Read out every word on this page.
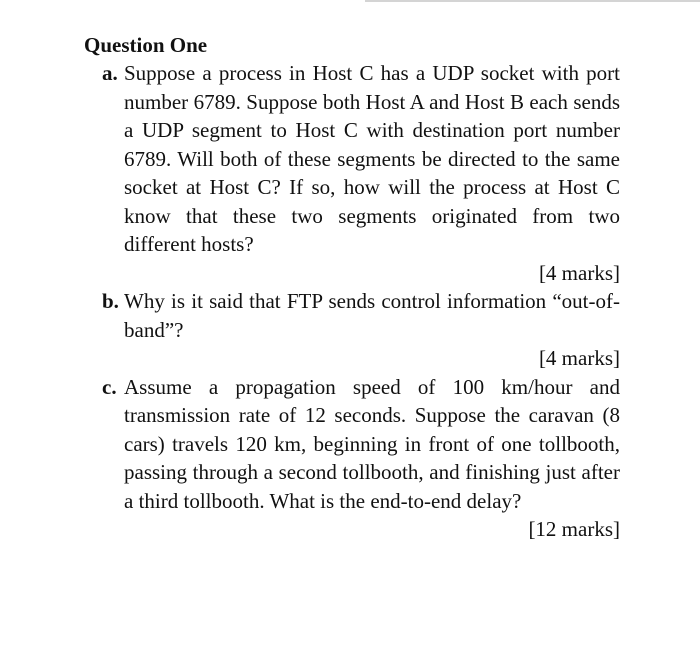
Question One
a. Suppose a process in Host C has a UDP socket with port number 6789. Suppose both Host A and Host B each sends a UDP segment to Host C with destination port number 6789. Will both of these segments be directed to the same socket at Host C? If so, how will the process at Host C know that these two segments originated from two different hosts?

[4 marks]

b. Why is it said that FTP sends control information “out-of-band”?

[4 marks]

c. Assume a propagation speed of 100 km/hour and transmission rate of 12 seconds. Suppose the caravan (8 cars) travels 120 km, beginning in front of one tollbooth, passing through a second tollbooth, and finishing just after a third tollbooth. What is the end-to-end delay?

[12 marks]
